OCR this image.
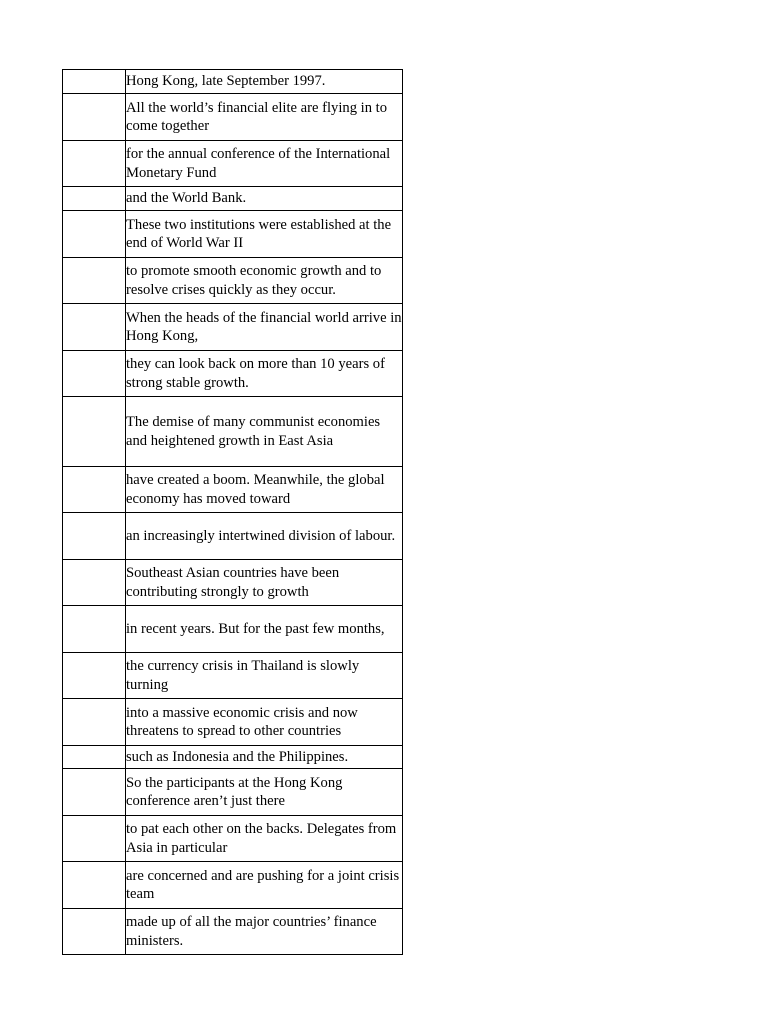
	Hong Kong, late September 1997.
	All the world’s financial elite are flying in to come together
	for the annual conference of the International Monetary Fund
	and the World Bank.
	These two institutions were established at the end of World War II
	to promote smooth economic growth and to resolve crises quickly as they occur.
	When the heads of the financial world arrive in Hong Kong,
	they can look back on more than 10 years of strong stable growth.
	The demise of many communist economies and heightened growth in East Asia
	have created a boom. Meanwhile, the global economy has moved toward
	an increasingly intertwined division of labour.
	Southeast Asian countries have been contributing strongly to growth
	in recent years. But for the past few months,
	the currency crisis in Thailand is slowly turning
	into a massive economic crisis and now threatens to spread to other countries
	such as Indonesia and the Philippines.
	So the participants at the Hong Kong conference aren’t just there
	to pat each other on the backs. Delegates from Asia in particular
	are concerned and are pushing for a joint crisis team
	made up of all the major countries’ finance ministers.
